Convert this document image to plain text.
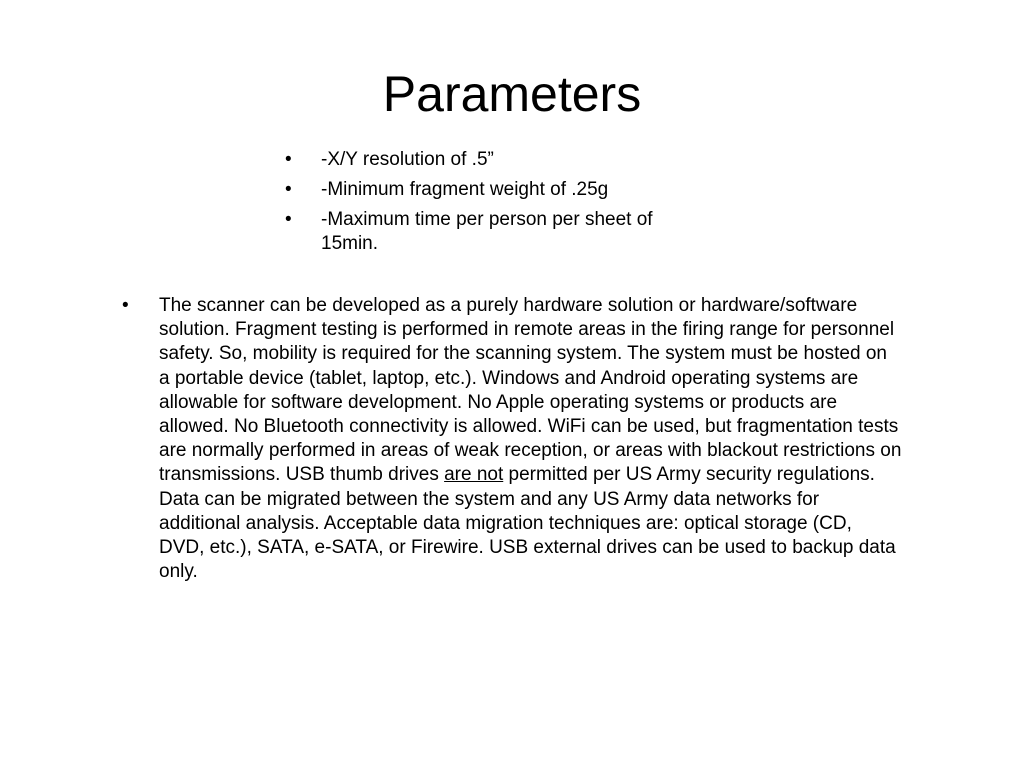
Parameters
• -X/Y resolution of .5”
• -Minimum fragment weight of .25g
• -Maximum time per person per sheet of 15min.
• The scanner can be developed as a purely hardware solution or hardware/software solution. Fragment testing is performed in remote areas in the firing range for personnel safety. So, mobility is required for the scanning system. The system must be hosted on a portable device (tablet, laptop, etc.). Windows and Android operating systems are allowable for software development. No Apple operating systems or products are allowed. No Bluetooth connectivity is allowed. WiFi can be used, but fragmentation tests are normally performed in areas of weak reception, or areas with blackout restrictions on transmissions. USB thumb drives are not permitted per US Army security regulations. Data can be migrated between the system and any US Army data networks for additional analysis. Acceptable data migration techniques are: optical storage (CD, DVD, etc.), SATA, e-SATA, or Firewire. USB external drives can be used to backup data only.
